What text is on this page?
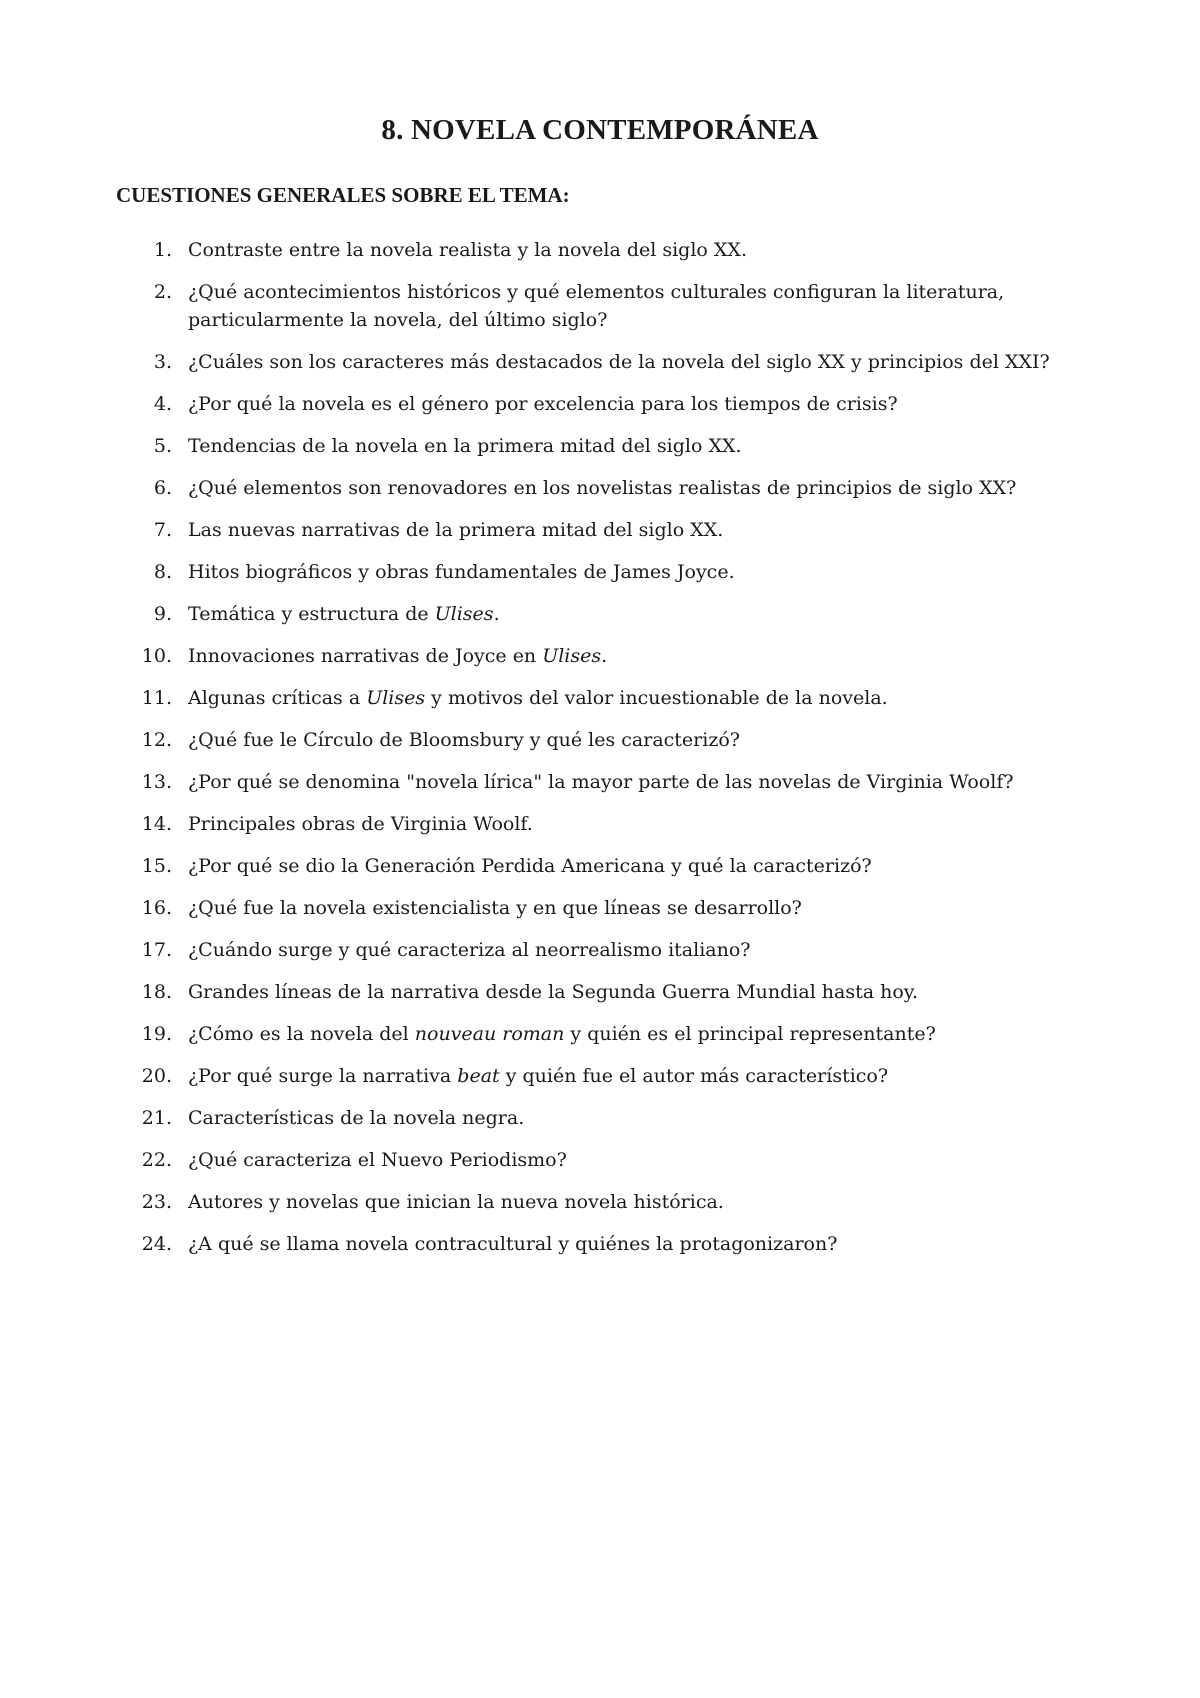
8. NOVELA CONTEMPORÁNEA
CUESTIONES GENERALES SOBRE EL TEMA:
1. Contraste entre la novela realista y la novela del siglo XX.
2. ¿Qué acontecimientos históricos y qué elementos culturales configuran la literatura, particularmente la novela, del último siglo?
3. ¿Cuáles son los caracteres más destacados de la novela del siglo XX y principios del XXI?
4. ¿Por qué la novela es el género por excelencia para los tiempos de crisis?
5. Tendencias de la novela en la primera mitad del siglo XX.
6. ¿Qué elementos son renovadores en los novelistas realistas de principios de siglo XX?
7. Las nuevas narrativas de la primera mitad del siglo XX.
8. Hitos biográficos y obras fundamentales de James Joyce.
9. Temática y estructura de Ulises.
10. Innovaciones narrativas de Joyce en Ulises.
11. Algunas críticas a Ulises y motivos del valor incuestionable de la novela.
12. ¿Qué fue le Círculo de Bloomsbury y qué les caracterizó?
13. ¿Por qué se denomina "novela lírica" la mayor parte de las novelas de Virginia Woolf?
14. Principales obras de Virginia Woolf.
15. ¿Por qué se dio la Generación Perdida Americana y qué la caracterizó?
16. ¿Qué fue la novela existencialista y en que líneas se desarrollo?
17. ¿Cuándo surge y qué caracteriza al neorrealismo italiano?
18. Grandes líneas de la narrativa desde la Segunda Guerra Mundial hasta hoy.
19. ¿Cómo es la novela del nouveau roman y quién es el principal representante?
20. ¿Por qué surge la narrativa beat y quién fue el autor más característico?
21. Características de la novela negra.
22. ¿Qué caracteriza el Nuevo Periodismo?
23. Autores y novelas que inician la nueva novela histórica.
24. ¿A qué se llama novela contracultural y quiénes la protagonizaron?
